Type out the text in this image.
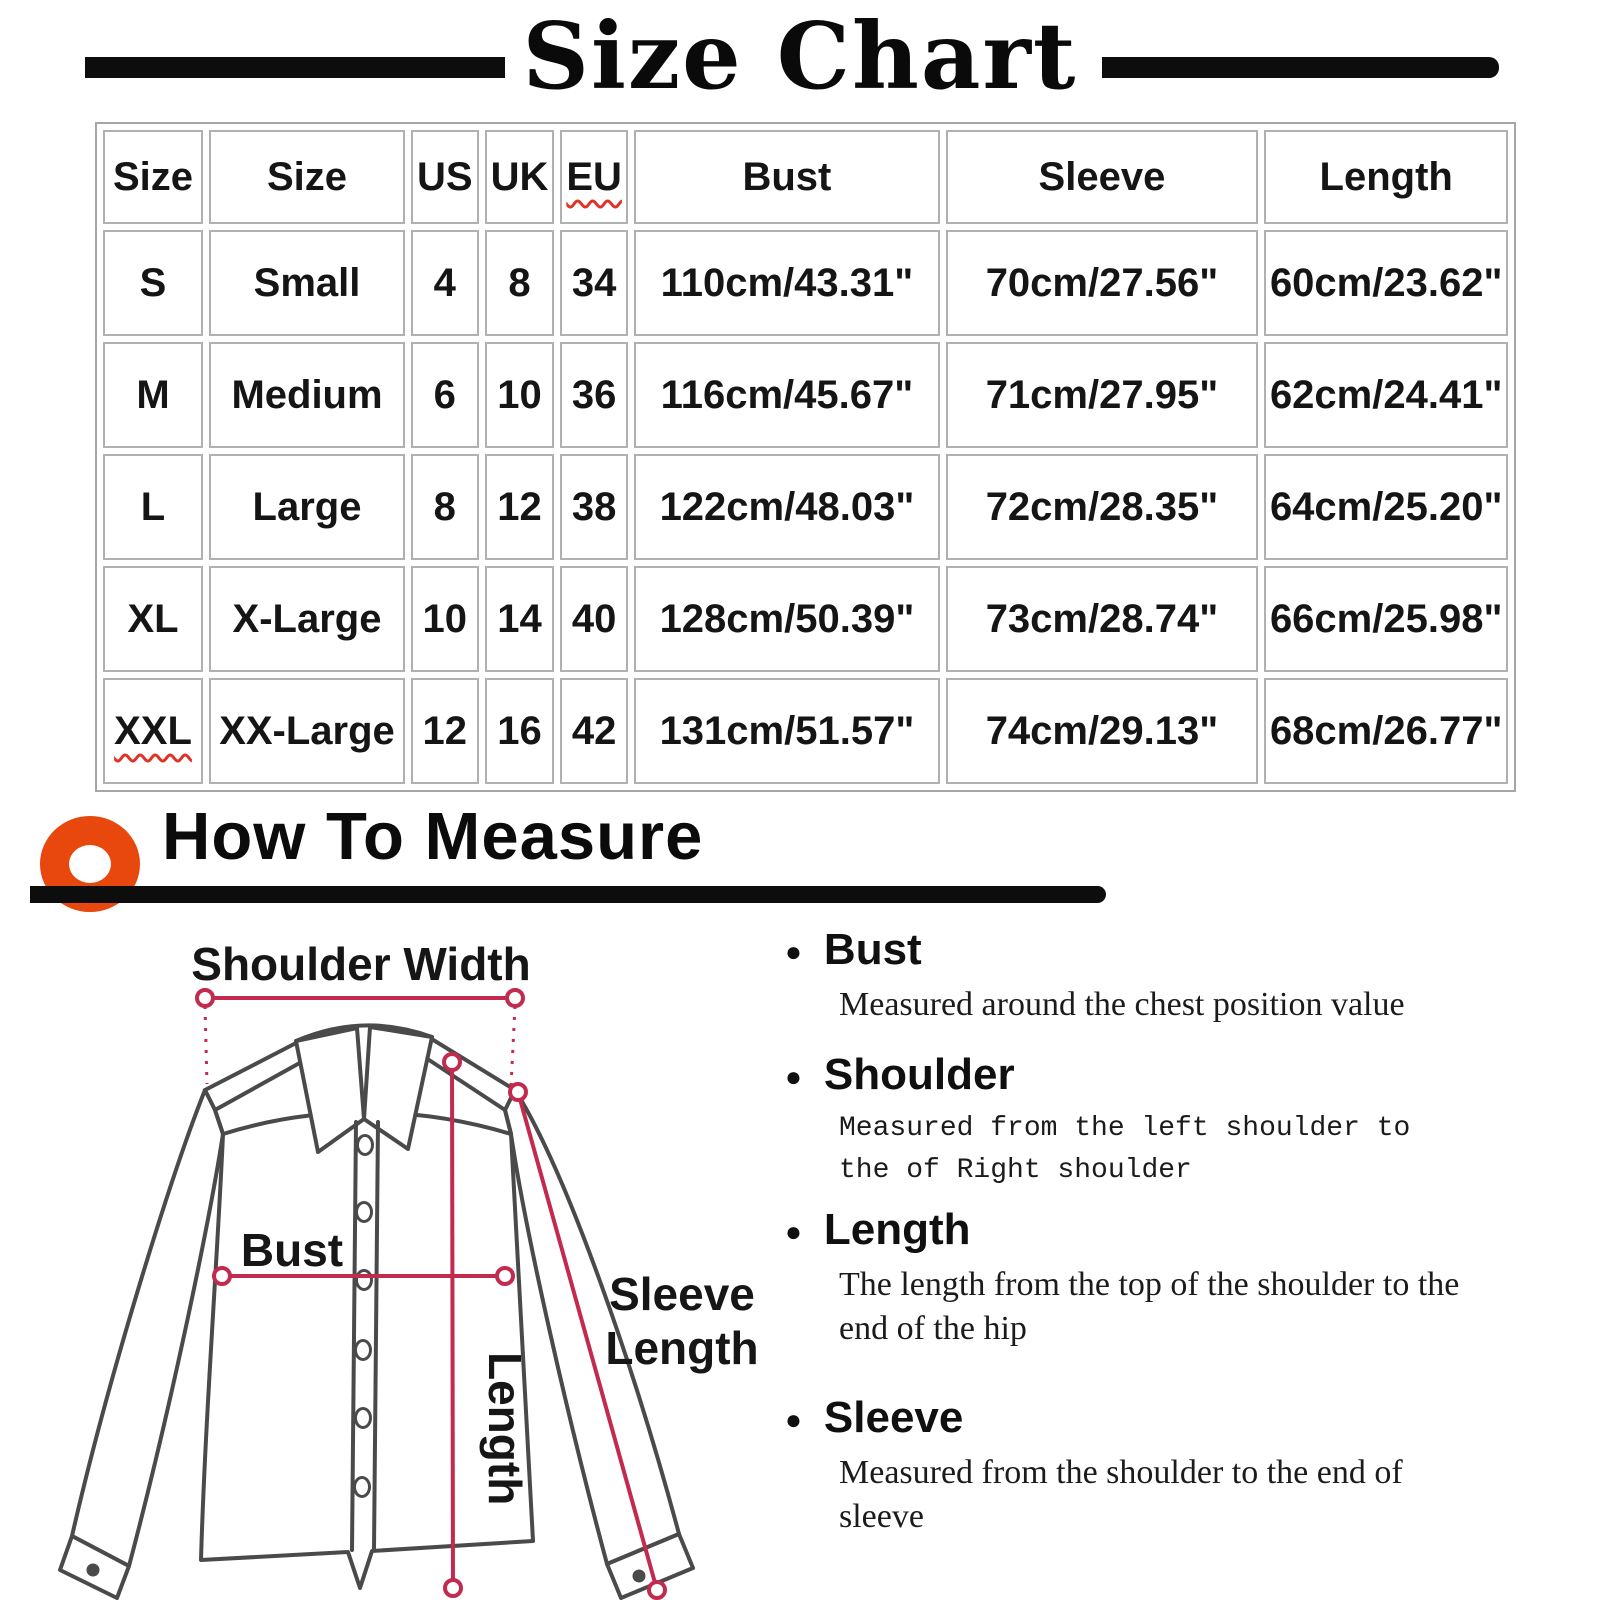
Size Chart
Size	Size	US	UK	EU	Bust	Sleeve	Length
S	Small	4	8	34	110cm/43.31"	70cm/27.56"	60cm/23.62"
M	Medium	6	10	36	116cm/45.67"	71cm/27.95"	62cm/24.41"
L	Large	8	12	38	122cm/48.03"	72cm/28.35"	64cm/25.20"
XL	X-Large	10	14	40	128cm/50.39"	73cm/28.74"	66cm/25.98"
XXL	XX-Large	12	16	42	131cm/51.57"	74cm/29.13"	68cm/26.77"
How To Measure
Shoulder Width
Bust
Length
Sleeve
Length
● Bust
Measured around the chest position value
● Shoulder
Measured from the left shoulder to the of Right shoulder
● Length
The length from the top of the shoulder to the end of the hip
● Sleeve
Measured from the shoulder to the end of sleeve
